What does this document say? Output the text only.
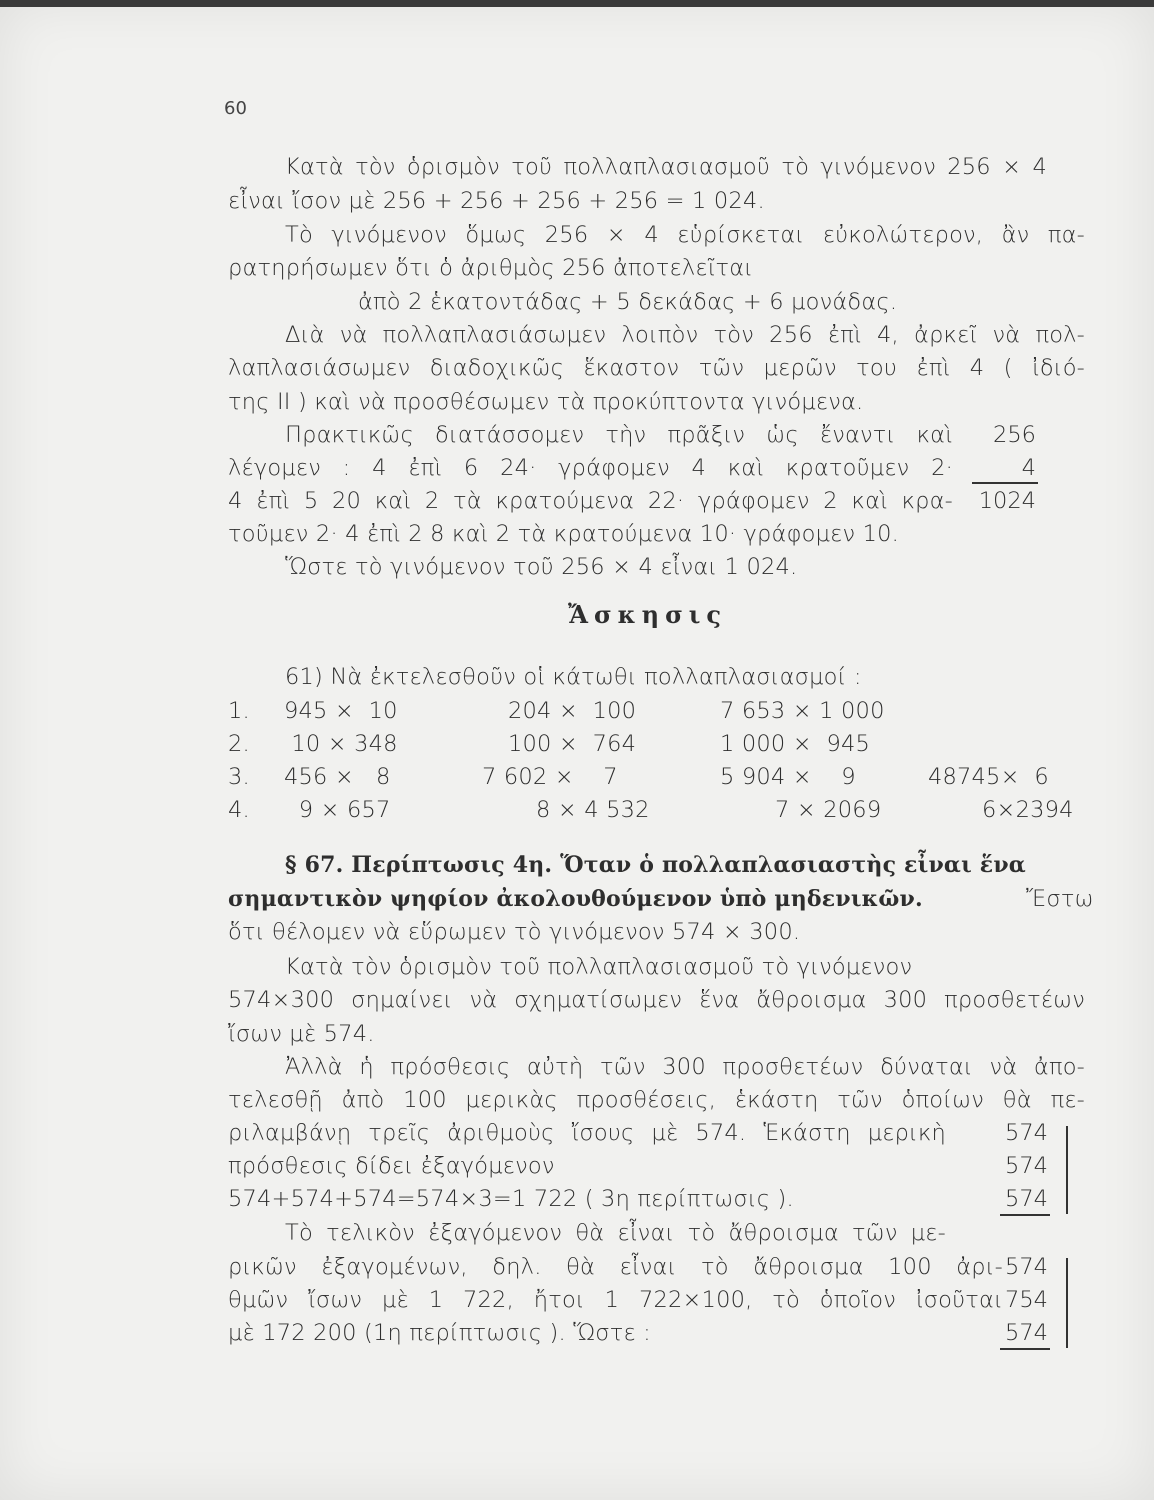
60
Κατὰ τὸν ὁρισμὸν τοῦ πολλαπλασιασμοῦ τὸ γινόμενον 256 × 4
εἶναι ἴσον μὲ 256 + 256 + 256 + 256 = 1 024.
Τὸ γινόμενον ὅμως 256 × 4 εὑρίσκεται εὐκολώτερον, ἂν πα-
ρατηρήσωμεν ὅτι ὁ ἀριθμὸς 256 ἀποτελεῖται
ἀπὸ 2 ἑκατοντάδας + 5 δεκάδας + 6 μονάδας.
Διὰ νὰ πολλαπλασιάσωμεν λοιπὸν τὸν 256 ἐπὶ 4, ἀρκεῖ νὰ πολ-
λαπλασιάσωμεν διαδοχικῶς ἕκαστον τῶν μερῶν του ἐπὶ 4 ( ἰδιό-
της II ) καὶ νὰ προσθέσωμεν τὰ προκύπτοντα γινόμενα.
Πρακτικῶς διατάσσομεν τὴν πρᾶξιν ὡς ἔναντι καὶ
λέγομεν : 4 ἐπὶ 6 24· γράφομεν 4 καὶ κρατοῦμεν 2·
4 ἐπὶ 5 20 καὶ 2 τὰ κρατούμενα 22· γράφομεν 2 καὶ κρα-
τοῦμεν 2· 4 ἐπὶ 2 8 καὶ 2 τὰ κρατούμενα 10· γράφομεν 10.
Ὥστε τὸ γινόμενον τοῦ 256 × 4 εἶναι 1 024.
256
4
1024
Ἄσκησις
61) Νὰ ἐκτελεσθοῦν οἱ κάτωθι πολλαπλασιασμοί :
1. 945 ×  10	204 ×  100	7 653 × 1 000
2. 10 × 348	100 ×  764	1 000 ×  945
3. 456 ×   8	7 602 ×    7	5 904 ×    9	48745×  6
4. 9 × 657	8 × 4 532	7 × 2069	6×2394
§ 67. Περίπτωσις 4η. Ὅταν ὁ πολλαπλασιαστὴς εἶναι ἕνα
σημαντικὸν ψηφίον ἀκολουθούμενον ὑπὸ μηδενικῶν.	Ἔστω
ὅτι θέλομεν νὰ εὕρωμεν τὸ γινόμενον 574 × 300.
Κατὰ τὸν ὁρισμὸν τοῦ πολλαπλασιασμοῦ τὸ γινόμενον
574×300 σημαίνει νὰ σχηματίσωμεν ἕνα ἄθροισμα 300 προσθετέων
ἴσων μὲ 574.
Ἀλλὰ ἡ πρόσθεσις αὐτὴ τῶν 300 προσθετέων δύναται νὰ ἀπο-
τελεσθῇ ἀπὸ 100 μερικὰς προσθέσεις, ἑκάστη τῶν ὁποίων θὰ πε-
ριλαμβάνῃ τρεῖς ἀριθμοὺς ἴσους μὲ 574. Ἑκάστη μερικὴ
πρόσθεσις δίδει ἐξαγόμενον
574+574+574=574×3=1 722 ( 3η περίπτωσις ).
574
574
574
Τὸ τελικὸν ἐξαγόμενον θὰ εἶναι τὸ ἄθροισμα τῶν με-
ρικῶν ἐξαγομένων, δηλ. θὰ εἶναι τὸ ἄθροισμα 100 ἀρι-
θμῶν ἴσων μὲ 1 722, ἤτοι 1 722×100, τὸ ὁποῖον ἰσοῦται
μὲ 172 200 (1η περίπτωσις ). Ὥστε :
574
754
574
